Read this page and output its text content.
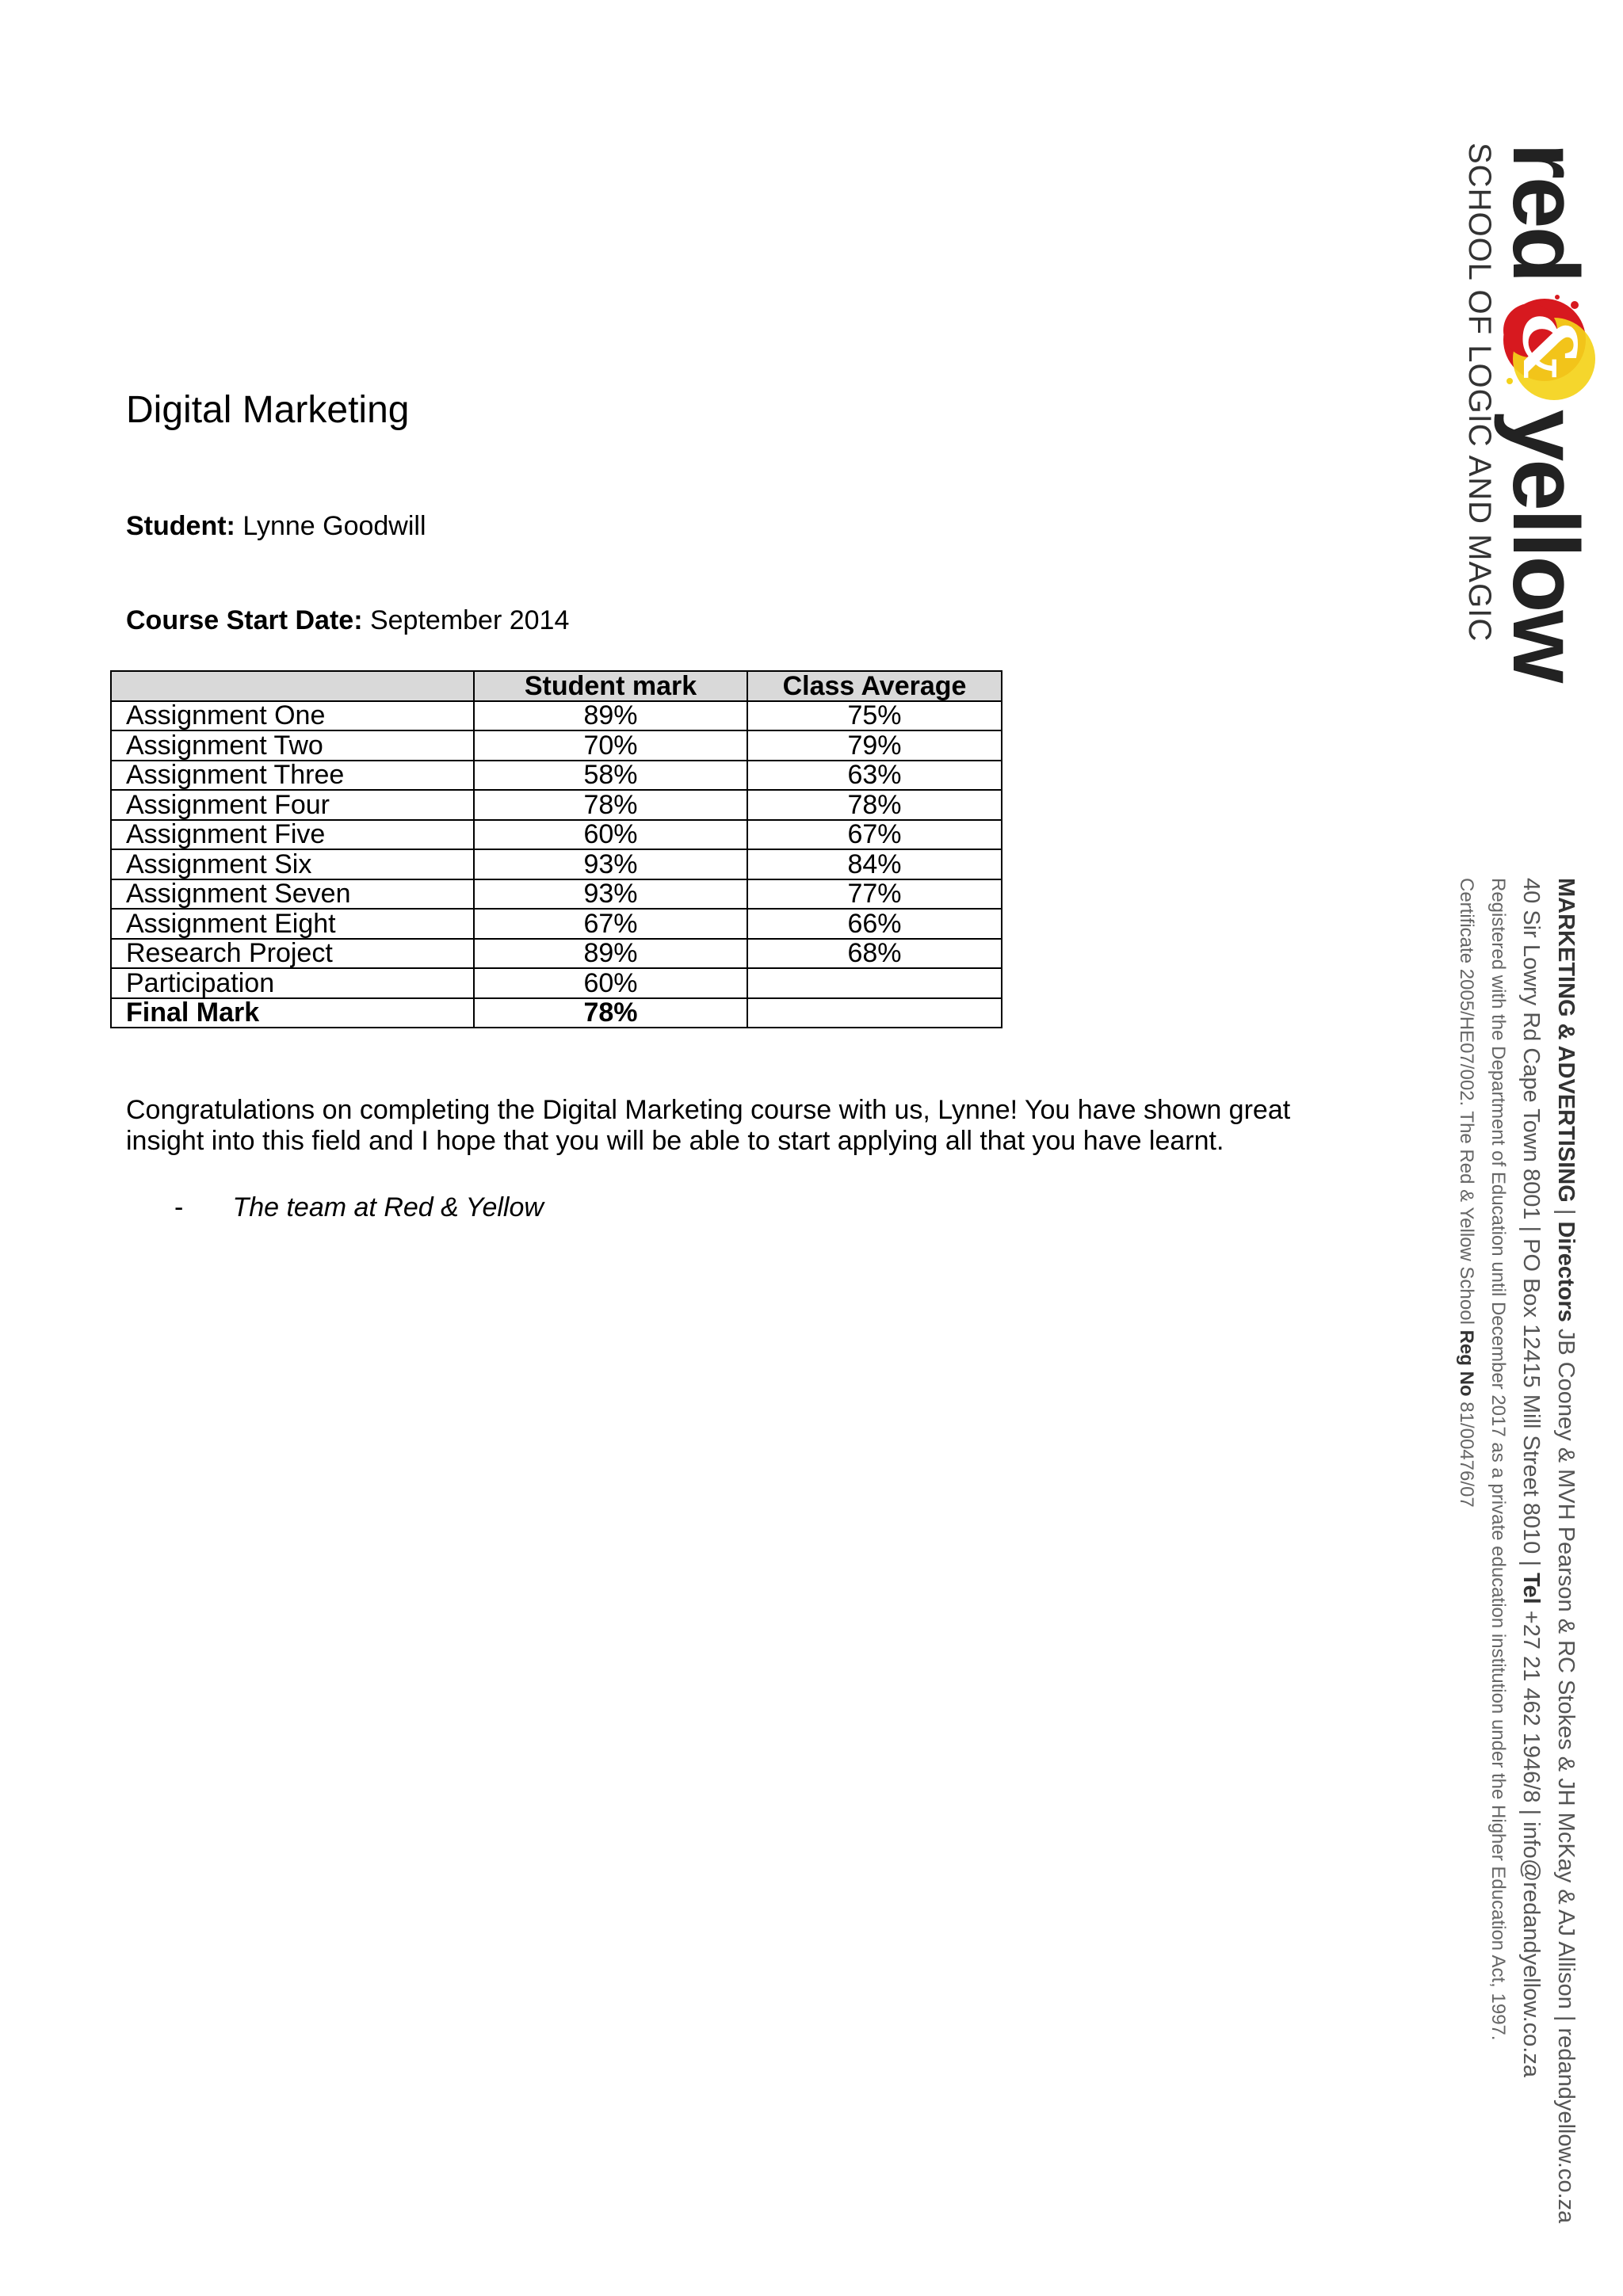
Digital Marketing

Student: Lynne Goodwill

Course Start Date: September 2014

	Student mark	Class Average
Assignment One	89%	75%
Assignment Two	70%	79%
Assignment Three	58%	63%
Assignment Four	78%	78%
Assignment Five	60%	67%
Assignment Six	93%	84%
Assignment Seven	93%	77%
Assignment Eight	67%	66%
Research Project	89%	68%
Participation	60%	
Final Mark	78%	

Congratulations on completing the Digital Marketing course with us, Lynne! You have shown great insight into this field and I hope that you will be able to start applying all that you have learnt.

- The team at Red & Yellow

red
&
yellow
SCHOOL OF LOGIC AND MAGIC

MARKETING & ADVERTISING | Directors JB Cooney & MVH Pearson & RC Stokes & JH McKay & AJ Allison | redandyellow.co.za

40 Sir Lowry Rd Cape Town 8001 | PO Box 12415 Mill Street 8010 | Tel +27 21 462 1946/8 | info@redandyellow.co.za

Registered with the Department of Education until December 2017 as a private education institution under the Higher Education Act, 1997.

Certificate 2005/HE07/002. The Red & Yellow School Reg No 81/00476/07
